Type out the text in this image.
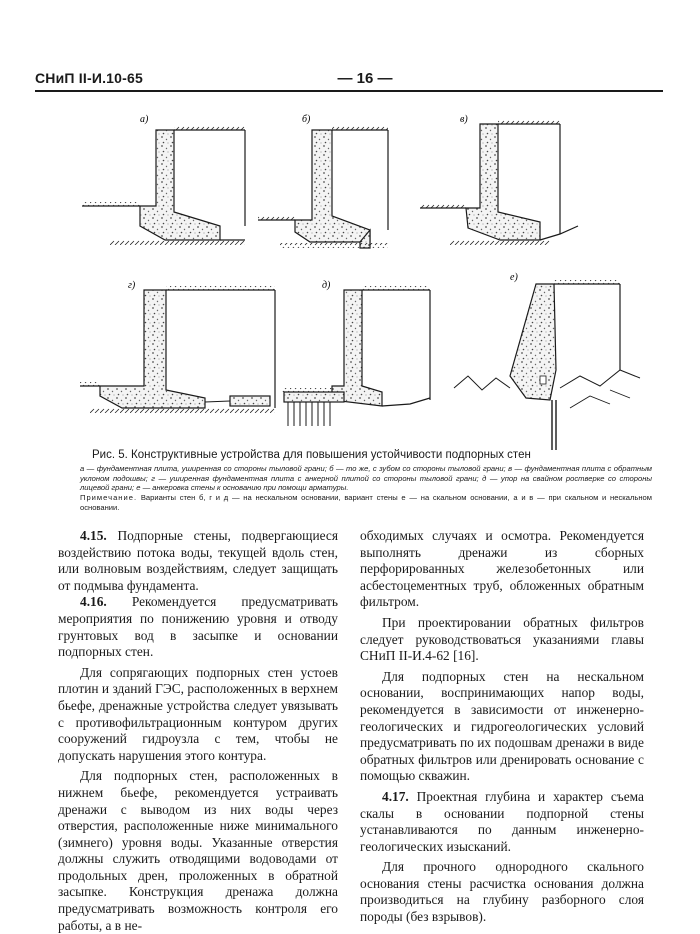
СНиП II-И.10-65	— 16 —
а)	б)	в)
г)	д)
е)
Рис. 5. Конструктивные устройства для повышения устойчивости подпорных стен
а — фундаментная плита, уширенная со стороны тыловой грани; б — то же, с зубом со стороны тыловой грани; в — фундаментная плита с обратным уклоном подошвы; г — уширенная фундаментная плита с анкерной плитой со стороны тыловой грани; д — упор на свайном ростверке со стороны лицевой грани; е — анкеровка стены к основанию при помощи арматуры.
Примечание. Варианты стен б, г и д — на нескальном основании, вариант стены е — на скальном основании, а и в — при скальном и нескальном основании.

4.15. Подпорные стены, подвергающиеся воздействию потока воды, текущей вдоль стен, или волновым воздействиям, следует защищать от подмыва фундамента.

4.16. Рекомендуется предусматривать мероприятия по понижению уровня и отводу грунтовых вод в засыпке и основании подпорных стен.

Для сопрягающих подпорных стен устоев плотин и зданий ГЭС, расположенных в верхнем бьефе, дренажные устройства следует увязывать с противофильтрационным контуром других сооружений гидроузла с тем, чтобы не допускать нарушения этого контура.

Для подпорных стен, расположенных в нижнем бьефе, рекомендуется устраивать дренажи с выводом из них воды через отверстия, расположенные ниже минимального (зимнего) уровня воды. Указанные отверстия должны служить отводящими водоводами от продольных дрен, проложенных в обратной засыпке. Конструкция дренажа должна предусматривать возможность контроля его работы, а в не-

обходимых случаях и осмотра. Рекомендуется выполнять дренажи из сборных перфорированных железобетонных или асбестоцементных труб, обложенных обратным фильтром.

При проектировании обратных фильтров следует руководствоваться указаниями главы СНиП II-И.4-62 [16].

Для подпорных стен на нескальном основании, воспринимающих напор воды, рекомендуется в зависимости от инженерно-геологических и гидрогеологических условий предусматривать по их подошвам дренажи в виде обратных фильтров или дренировать основание с помощью скважин.

4.17. Проектная глубина и характер съема скалы в основании подпорной стены устанавливаются по данным инженерно-геологических изысканий.

Для прочного однородного скального основания стены расчистка основания должна производиться на глубину разборного слоя породы (без взрывов).
